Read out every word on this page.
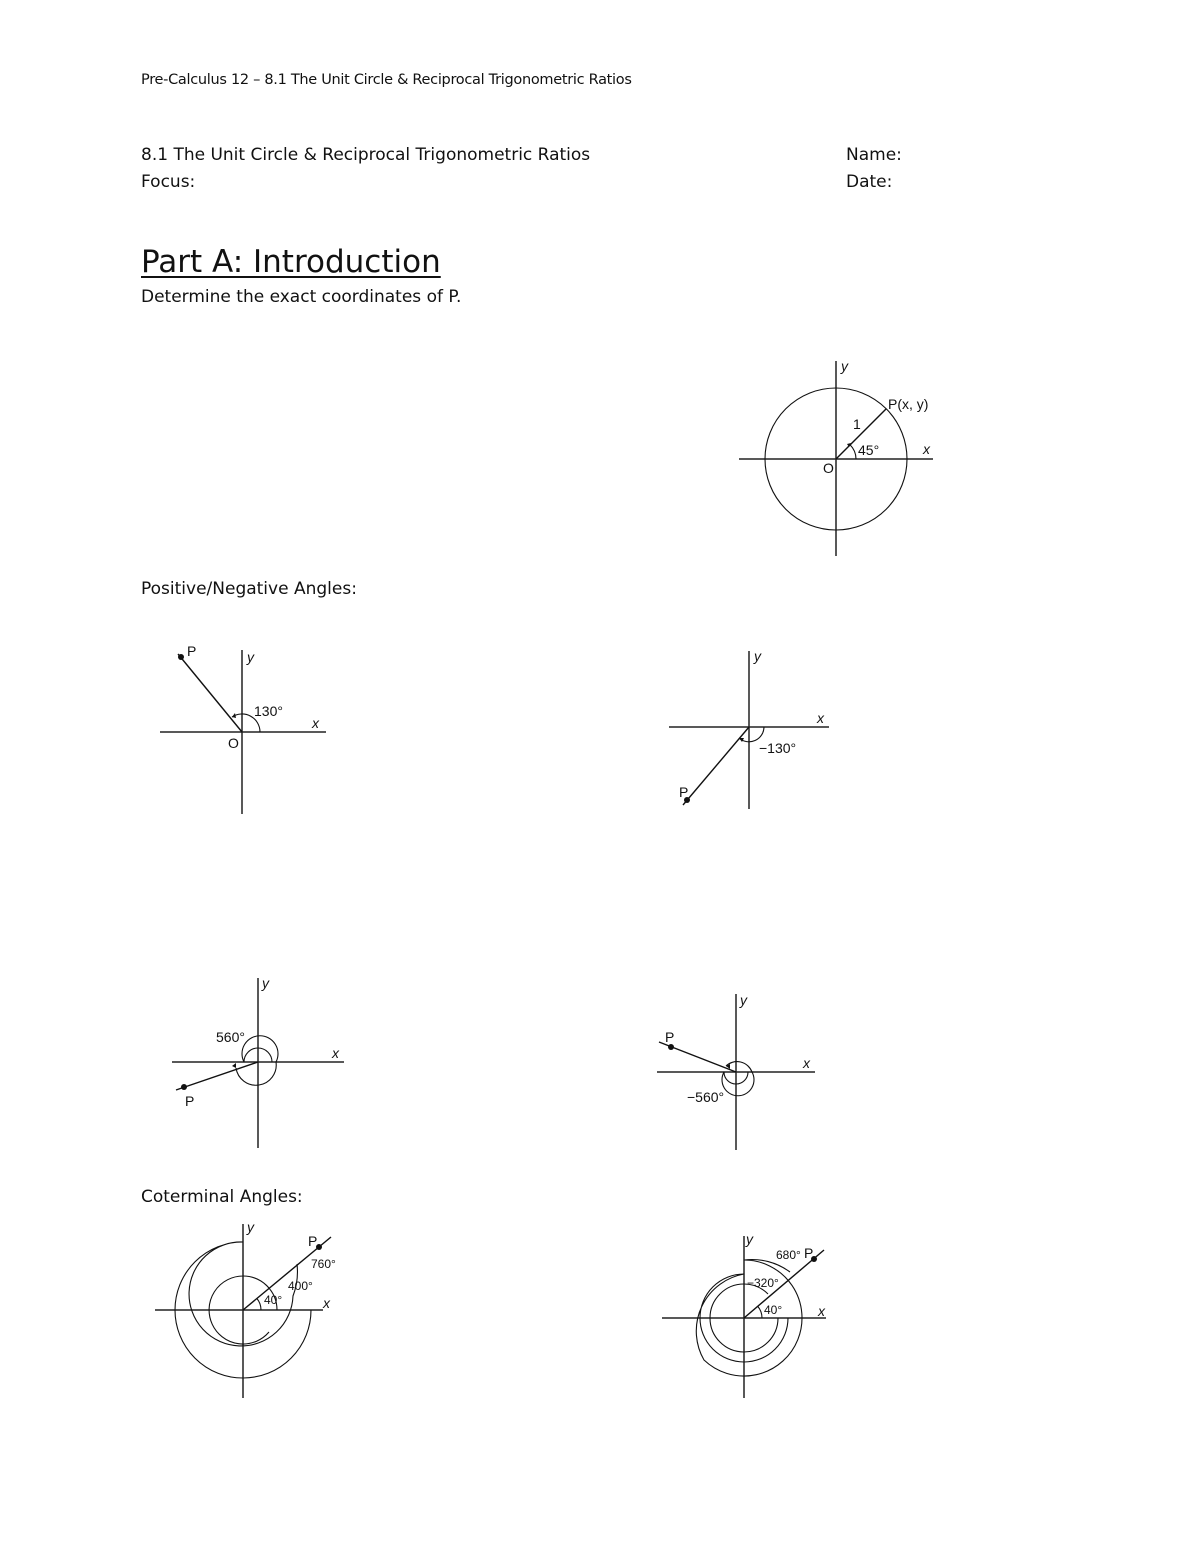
Pre-Calculus 12 – 8.1 The Unit Circle & Reciprocal Trigonometric Ratios
8.1 The Unit Circle & Reciprocal Trigonometric Ratios	Name:
Focus:	Date:
Part A: Introduction
Determine the exact coordinates of P.
y
x
P(x, y)
1
45°
O
Positive/Negative Angles:
P	y
x
130°
O
P
y
x
−130°
P
y
x
560°	P
y
x
−560°
Coterminal Angles:
P
y
x
40°
400°
760°
P
y
x
40°
−320°
680°
